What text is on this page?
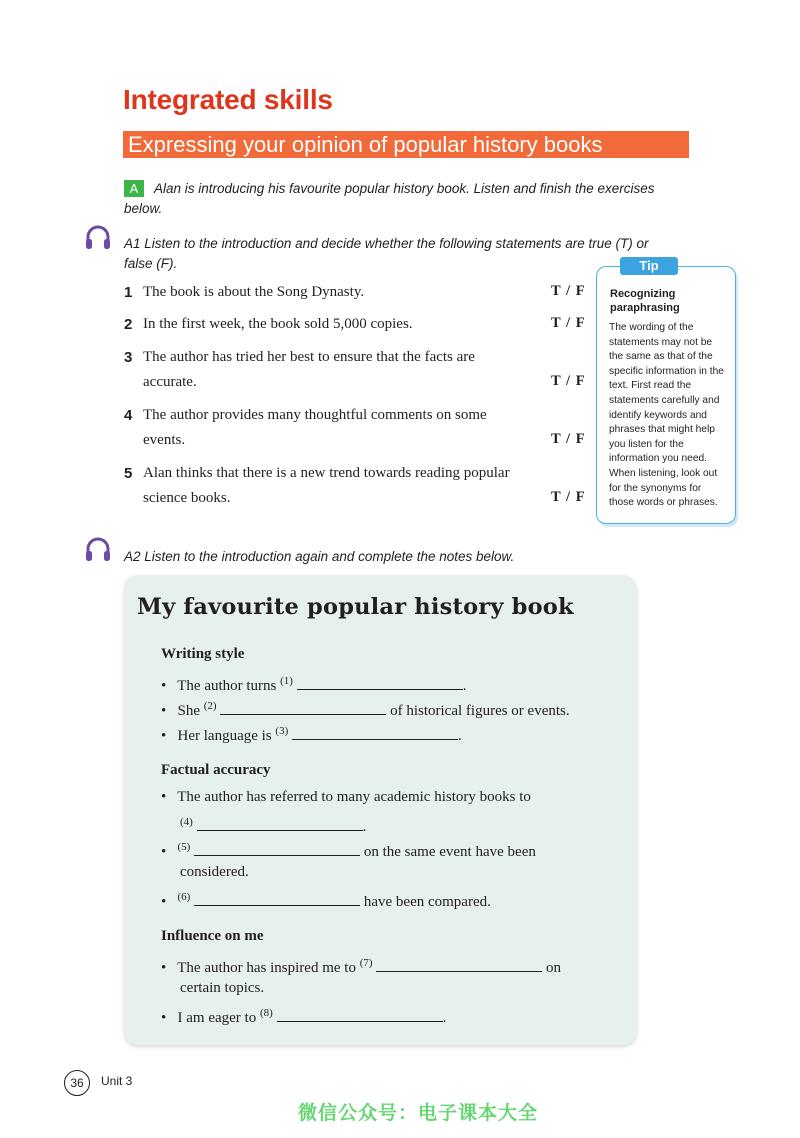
Integrated skills
Expressing your opinion of popular history books
A	Alan is introducing his favourite popular history book. Listen and finish the exercises
below.
A1 Listen to the introduction and decide whether the following statements are true (T) or
false (F).
1 The book is about the Song Dynasty.	T / F
2 In the first week, the book sold 5,000 copies.	T / F
3 The author has tried her best to ensure that the facts are
accurate.	T / F
4 The author provides many thoughtful comments on some
events.	T / F
5 Alan thinks that there is a new trend towards reading popular
science books.	T / F
Tip
Recognizing paraphrasing
The wording of the statements may not be the same as that of the specific information in the text. First read the statements carefully and identify keywords and phrases that might help you listen for the information you need. When listening, look out for the synonyms for those words or phrases.
A2 Listen to the introduction again and complete the notes below.
My favourite popular history book
Writing style
• The author turns $^{(1)}$	.
• She $^{(2)}$	of historical figures or events.
• Her language is $^{(3)}$	.
Factual accuracy
• The author has referred to many academic history books to
$^{(4)}$	.
• $^{(5)}$	on the same event have been
considered.
• $^{(6)}$	have been compared.
Influence on me
• The author has inspired me to $^{(7)}$	on
certain topics.
• I am eager to $^{(8)}$	.
36	Unit 3
微信公众号：电子课本大全
